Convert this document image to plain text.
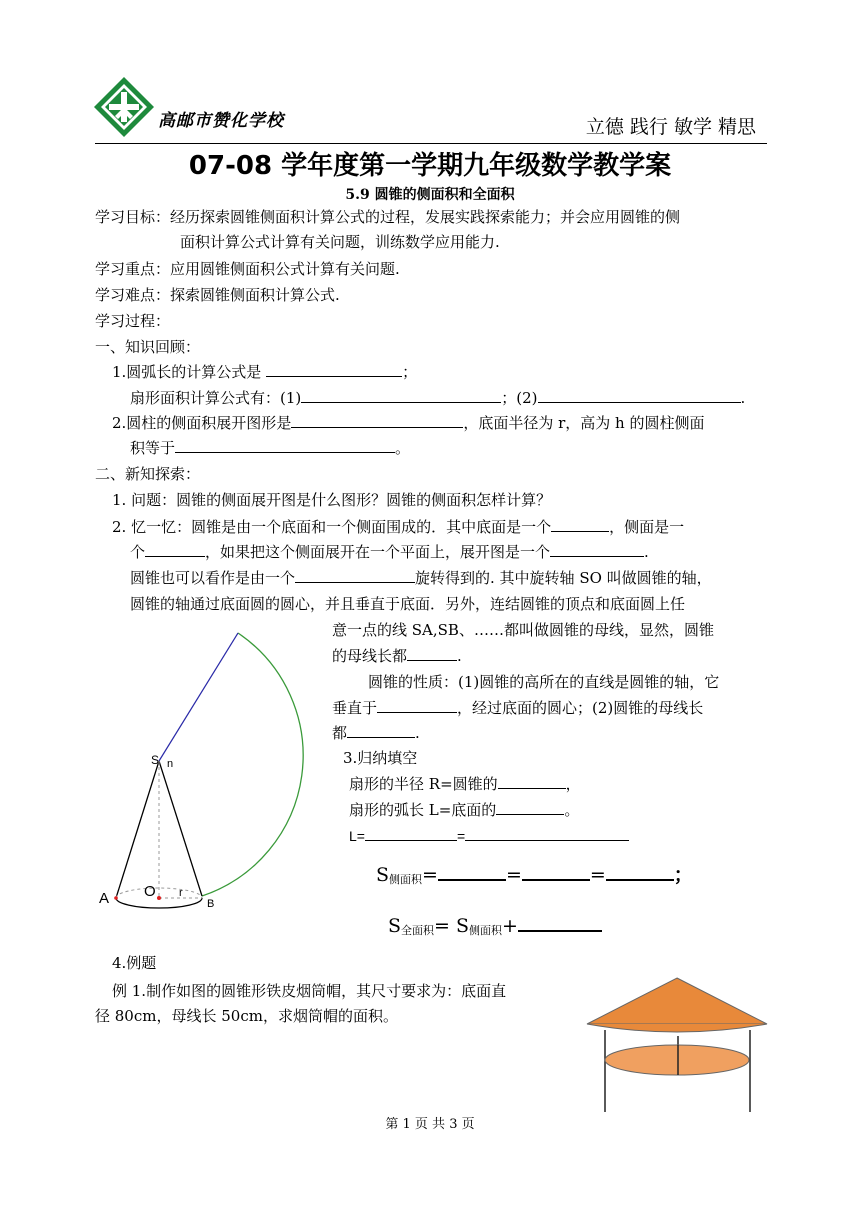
高邮市赞化学校	立德 践行 敏学 精思
07-08 学年度第一学期九年级数学教学案
5.9 圆锥的侧面积和全面积
学习目标：经历探索圆锥侧面积计算公式的过程，发展实践探索能力；并会应用圆锥的侧
面积计算公式计算有关问题，训练数学应用能力.
学习重点：应用圆锥侧面积公式计算有关问题.
学习难点：探索圆锥侧面积计算公式.
学习过程：
一、知识回顾：
1.圆弧长的计算公式是	；
扇形面积计算公式有：(1)	；(2)	.
2.圆柱的侧面积展开图形是	，底面半径为 r，高为 h 的圆柱侧面
积等于	。
二、新知探索：
1. 问题：圆锥的侧面展开图是什么图形？圆锥的侧面积怎样计算？
2. 忆一忆：圆锥是由一个底面和一个侧面围成的．其中底面是一个	，侧面是一
个	，如果把这个侧面展开在一个平面上，展开图是一个	.
圆锥也可以看作是由一个	旋转得到的. 其中旋转轴 SO 叫做圆锥的轴，
圆锥的轴通过底面圆的圆心，并且垂直于底面．另外，连结圆锥的顶点和底面圆上任
意一点的线 SA,SB、……都叫做圆锥的母线，显然，圆锥
的母线长都	.
圆锥的性质：(1)圆锥的高所在的直线是圆锥的轴，它
垂直于	，经过底面的圆心；(2)圆锥的母线长
都	.
3.归纳填空
扇形的半径 R=圆锥的	，
扇形的弧长 L=底面的	。
L=	=
$S_{侧面积}=$	=	=	；
$S_{全面积}= S_{侧面积}+$
S n
A O r
B
4.例题
例 1.制作如图的圆锥形铁皮烟筒帽，其尺寸要求为：底面直
径 80cm，母线长 50cm，求烟筒帽的面积。
第 1 页 共 3 页
